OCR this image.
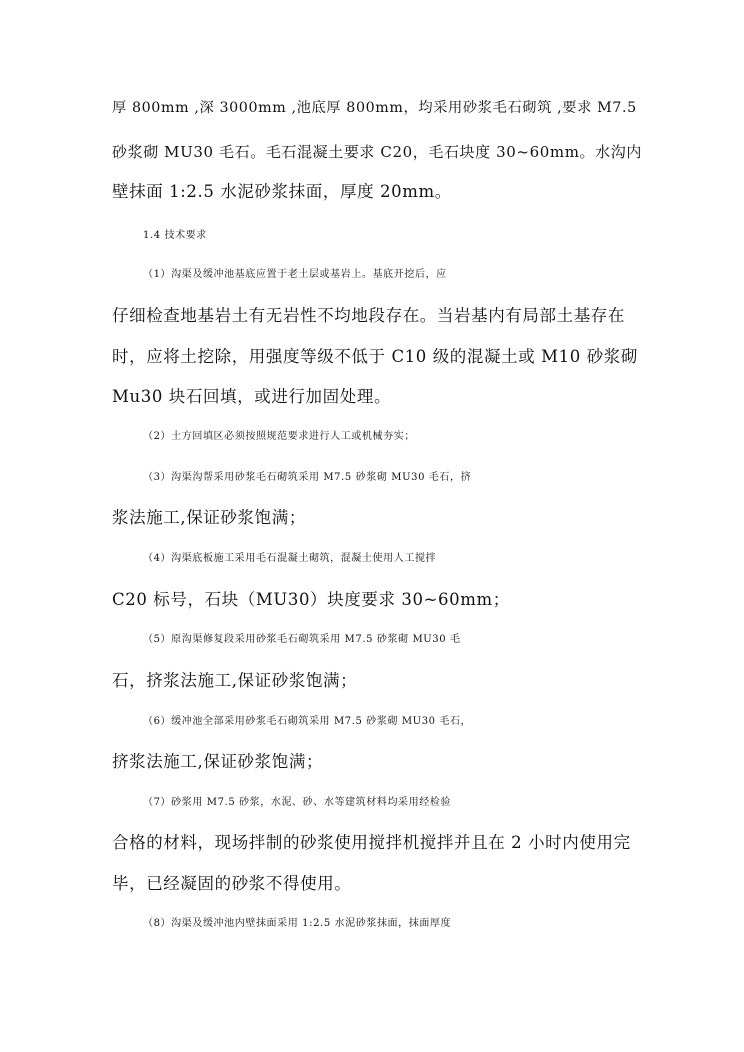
厚 800mm ,深 3000mm ,池底厚 800mm，均采用砂浆毛石砌筑 ,要求 M7.5
砂浆砌 MU30 毛石。毛石混凝土要求 C20，毛石块度 30~60mm。水沟内
壁抹面 1:2.5 水泥砂浆抹面，厚度 20mm。
1.4 技术要求
（1）沟渠及缓冲池基底应置于老土层或基岩上。基底开挖后，应
仔细检查地基岩土有无岩性不均地段存在。当岩基内有局部土基存在
时，应将土挖除，用强度等级不低于 C10 级的混凝土或 M10 砂浆砌
Mu30 块石回填，或进行加固处理。
（2）土方回填区必须按照规范要求进行人工或机械夯实；
（3）沟渠沟帮采用砂浆毛石砌筑采用 M7.5 砂浆砌 MU30 毛石，挤
浆法施工,保证砂浆饱满；
（4）沟渠底板施工采用毛石混凝土砌筑，混凝土使用人工搅拌
C20 标号，石块（MU30）块度要求 30~60mm；
（5）原沟渠修复段采用砂浆毛石砌筑采用 M7.5 砂浆砌 MU30 毛
石，挤浆法施工,保证砂浆饱满；
（6）缓冲池全部采用砂浆毛石砌筑采用 M7.5 砂浆砌 MU30 毛石，
挤浆法施工,保证砂浆饱满；
（7）砂浆用 M7.5 砂浆，水泥、砂、水等建筑材料均采用经检验
合格的材料，现场拌制的砂浆使用搅拌机搅拌并且在 2 小时内使用完
毕，已经凝固的砂浆不得使用。
（8）沟渠及缓冲池内壁抹面采用 1:2.5 水泥砂浆抹面，抹面厚度
